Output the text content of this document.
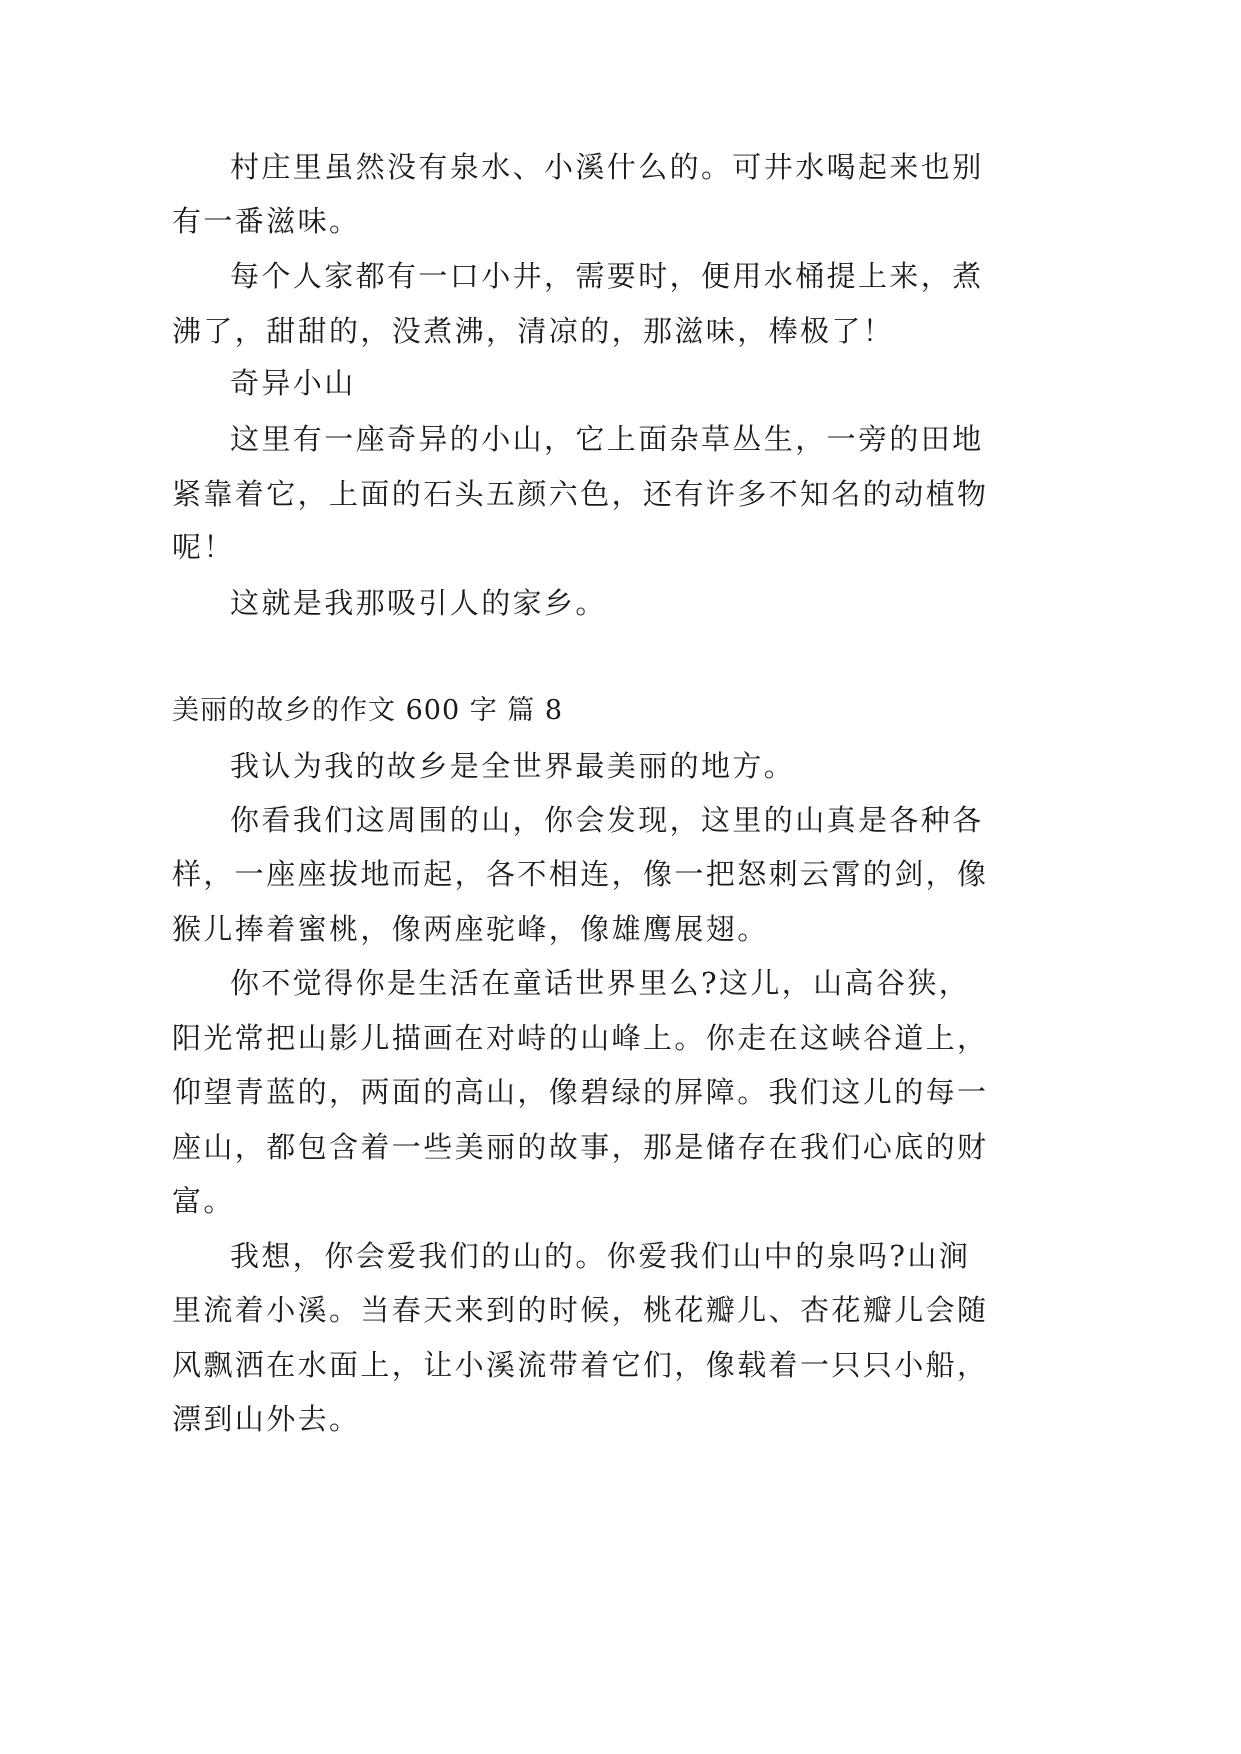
村庄里虽然没有泉水、小溪什么的。可井水喝起来也别
有一番滋味。
每个人家都有一口小井，需要时，便用水桶提上来，煮
沸了，甜甜的，没煮沸，清凉的，那滋味，棒极了！
奇异小山
这里有一座奇异的小山，它上面杂草丛生，一旁的田地
紧靠着它，上面的石头五颜六色，还有许多不知名的动植物
呢！
这就是我那吸引人的家乡。
美丽的故乡的作文 600 字 篇 8
我认为我的故乡是全世界最美丽的地方。
你看我们这周围的山，你会发现，这里的山真是各种各
样，一座座拔地而起，各不相连，像一把怒刺云霄的剑，像
猴儿捧着蜜桃，像两座驼峰，像雄鹰展翅。
你不觉得你是生活在童话世界里么?这儿，山高谷狭，
阳光常把山影儿描画在对峙的山峰上。你走在这峡谷道上，
仰望青蓝的，两面的高山，像碧绿的屏障。我们这儿的每一
座山，都包含着一些美丽的故事，那是储存在我们心底的财
富。
我想，你会爱我们的山的。你爱我们山中的泉吗?山涧
里流着小溪。当春天来到的时候，桃花瓣儿、杏花瓣儿会随
风飘洒在水面上，让小溪流带着它们，像载着一只只小船，
漂到山外去。
